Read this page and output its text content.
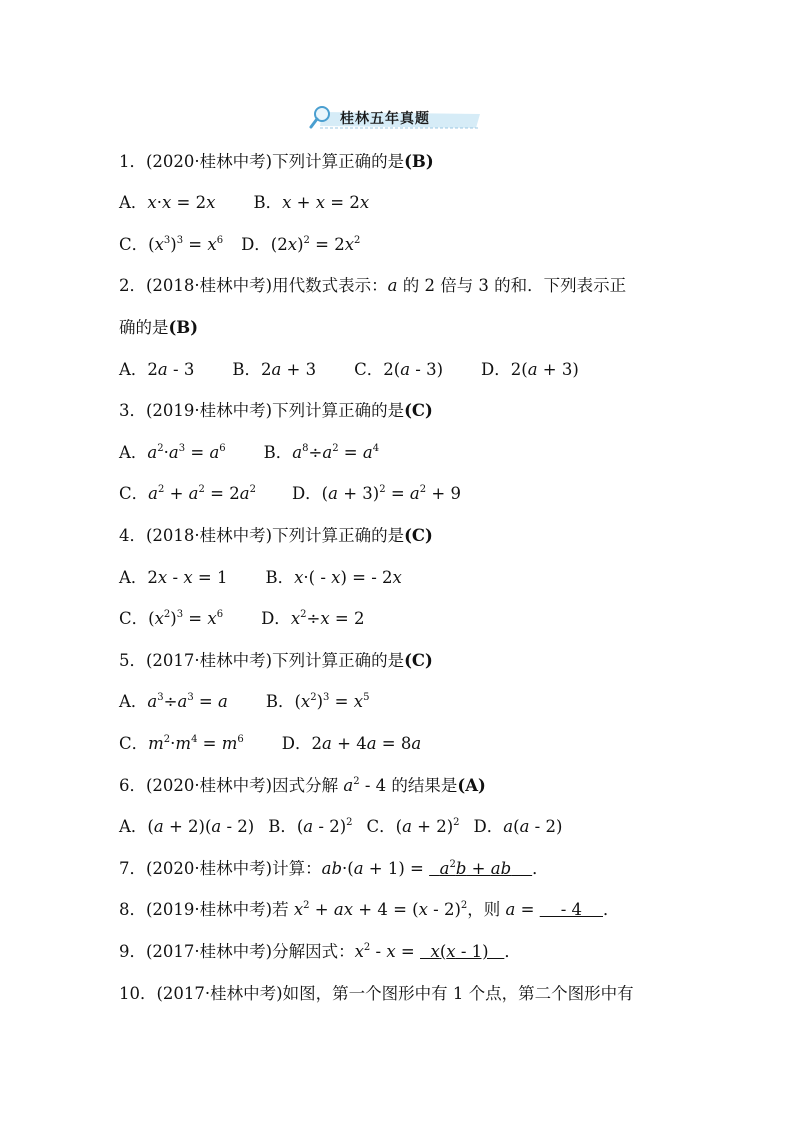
桂林五年真题
1．(2020·桂林中考)下列计算正确的是(B)
A．x·x = 2x B．x + x = 2x
C．$(x^3)^3 = x^6$ D．$(2x)^2 = 2x^2$
2．(2018·桂林中考)用代数式表示：a 的 2 倍与 3 的和．下列表示正
确的是(B)
A．2a - 3 B．2a + 3 C．2(a - 3) D．2(a + 3)
3．(2019·桂林中考)下列计算正确的是(C)
A．$a^2\cdot a^3 = a^6$ B．$a^8\div a^2 = a^4$
C．$a^2 + a^2 = 2a^2$ D．$(a + 3)^2 = a^2 + 9$
4．(2018·桂林中考)下列计算正确的是(C)
A．2x - x = 1 B．x·( - x) = - 2x
C．$(x^2)^3 = x^6$ D．$x^2\div x = 2$
5．(2017·桂林中考)下列计算正确的是(C)
A．$a^3\div a^3 = a$ B．$(x^2)^3 = x^5$
C．$m^2\cdot m^4 = m^6$ D．2a + 4a = 8a
6．(2020·桂林中考)因式分解 $a^2 - 4$ 的结果是(A)
A．(a + 2)(a - 2) B．(a - 2)$^2$ C．$(a + 2)^2$ D．a(a - 2)
7．(2020·桂林中考)计算：$ab\cdot(a + 1) = a^2b$ + ab ．
8．(2019·桂林中考)若 $x^2$ + ax + 4 = (x - 2)$^2$，则 a =     - 4    ．
9．(2017·桂林中考)分解因式：$x^2 - x = x(x - 1)$   ．
10．(2017·桂林中考)如图，第一个图形中有 1 个点，第二个图形中有
